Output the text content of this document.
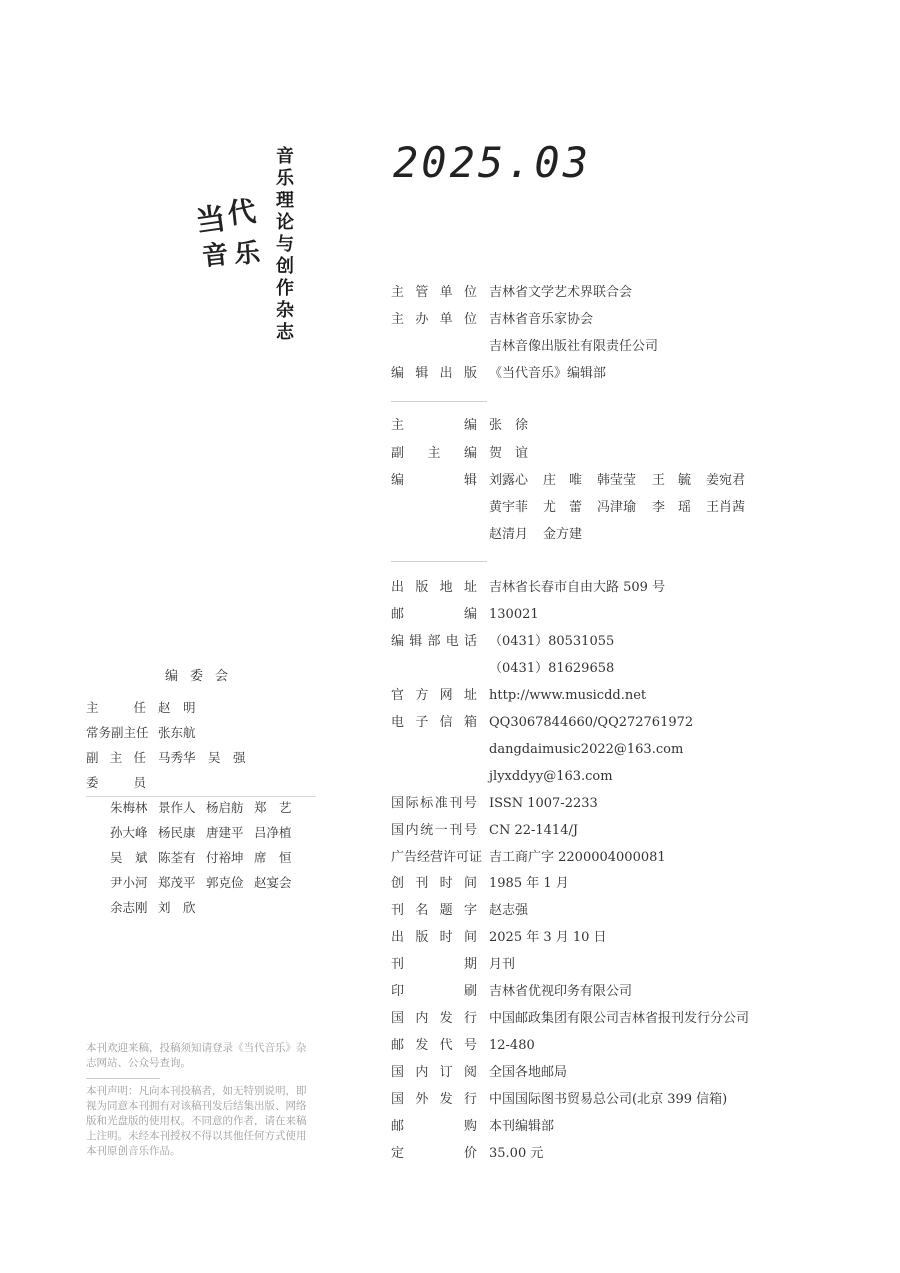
当
代
音 乐
音乐理论与创作杂志
2025.03
主管单位 吉林省文学艺术界联合会
主办单位 吉林省音乐家协会
吉林音像出版社有限责任公司
编辑出版 《当代音乐》编辑部
主编 张　徐
副主编 贺　谊
编辑 刘露心 庄　唯 韩莹莹 王　毓 姜宛君
黄宇菲 尤　蕾 冯津瑜 李　瑶 王肖茜
赵清月 金方建
出版地址 吉林省长春市自由大路 509 号
邮编 130021
编辑部电话 （0431）80531055
（0431）81629658
官方网址 http://www.musicdd.net
电子信箱 QQ3067844660/QQ272761972
dangdaimusic2022@163.com
jlyxddyy@163.com
国际标准刊号 ISSN 1007-2233
国内统一刊号 CN 22-1414/J
广告经营许可证 吉工商广字 2200004000081
创刊时间 1985 年 1 月
刊名题字 赵志强
出版时间 2025 年 3 月 10 日
刊期 月刊
印刷 吉林省优视印务有限公司
国内发行 中国邮政集团有限公司吉林省报刊发行分公司
邮发代号 12-480
国内订阅 全国各地邮局
国外发行 中国国际图书贸易总公司(北京 399 信箱)
邮购 本刊编辑部
定价 35.00 元
编委会
主任 赵　明
常务副主任 张东航
副主任 马秀华　吴　强
委员
朱梅林 景作人 杨启舫 郑　艺
孙大峰 杨民康 唐建平 吕净植
吴　斌 陈荃有 付裕坤 席　恒
尹小河 郑茂平 郭克俭 赵宴会
余志刚 刘　欣
本刊欢迎来稿，投稿须知请登录《当代音乐》杂志网站、公众号查询。
本刊声明：凡向本刊投稿者，如无特别说明，即视为同意本刊拥有对该稿刊发后结集出版、网络版和光盘版的使用权。不同意的作者，请在来稿上注明。未经本刊授权不得以其他任何方式使用本刊原创音乐作品。
